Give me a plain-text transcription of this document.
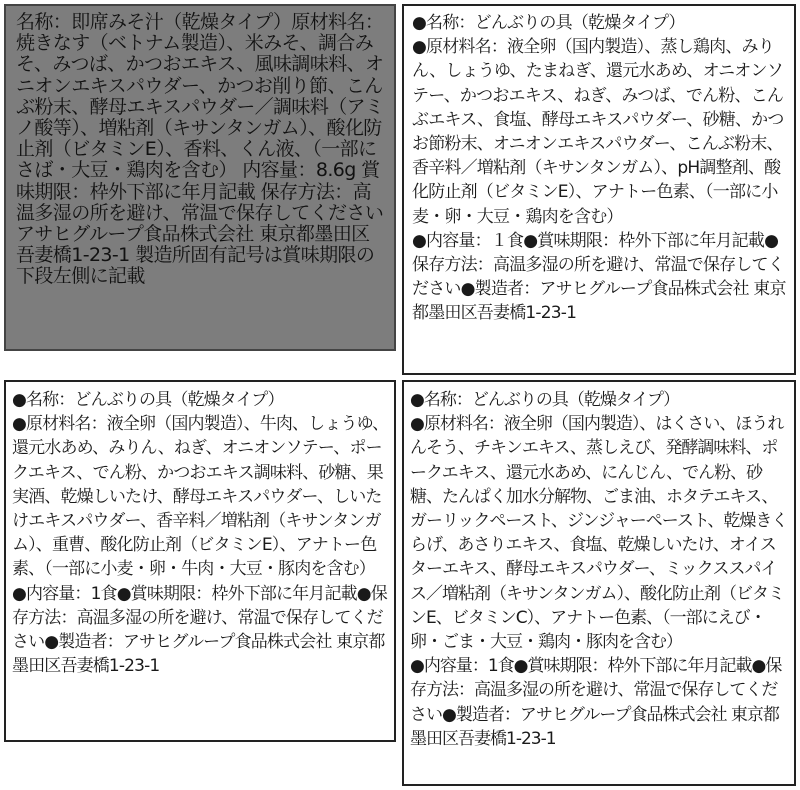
名称：即席みそ汁（乾燥タイプ）原材料名：焼きなす（ベトナム製造）、米みそ、調合みそ、みつば、かつおエキス、風味調味料、オニオンエキスパウダー、かつお削り節、こんぶ粉末、酵母エキスパウダー／調味料（アミノ酸等）、増粘剤（キサンタンガム）、酸化防止剤（ビタミンE）、香料、くん液、（一部にさば・大豆・鶏肉を含む） 内容量：8.6g 賞味期限：枠外下部に年月記載 保存方法：高温多湿の所を避け、常温で保存してください アサヒグループ食品株式会社 東京都墨田区吾妻橋1-23-1 製造所固有記号は賞味期限の下段左側に記載

●名称：どんぶりの具（乾燥タイプ）

●原材料名：液全卵（国内製造）、蒸し鶏肉、みりん、しょうゆ、たまねぎ、還元水あめ、オニオンソテー、かつおエキス、ねぎ、みつば、でん粉、こんぶエキス、食塩、酵母エキスパウダー、砂糖、かつお節粉末、オニオンエキスパウダー、こんぶ粉末、香辛料／増粘剤（キサンタンガム）、pH調整剤、酸化防止剤（ビタミンE）、アナトー色素、（一部に小麦・卵・大豆・鶏肉を含む）

●内容量：１食●賞味期限：枠外下部に年月記載●保存方法：高温多湿の所を避け、常温で保存してください●製造者：アサヒグループ食品株式会社 東京都墨田区吾妻橋1-23-1

●名称：どんぶりの具（乾燥タイプ）

●原材料名：液全卵（国内製造）、牛肉、しょうゆ、還元水あめ、みりん、ねぎ、オニオンソテー、ポークエキス、でん粉、かつおエキス調味料、砂糖、果実酒、乾燥しいたけ、酵母エキスパウダー、しいたけエキスパウダー、香辛料／増粘剤（キサンタンガム）、重曹、酸化防止剤（ビタミンE）、アナトー色素、（一部に小麦・卵・牛肉・大豆・豚肉を含む）

●内容量：1食●賞味期限：枠外下部に年月記載●保存方法：高温多湿の所を避け、常温で保存してください●製造者：アサヒグループ食品株式会社 東京都墨田区吾妻橋1-23-1

●名称：どんぶりの具（乾燥タイプ）

●原材料名：液全卵（国内製造）、はくさい、ほうれんそう、チキンエキス、蒸しえび、発酵調味料、ポークエキス、還元水あめ、にんじん、でん粉、砂糖、たんぱく加水分解物、ごま油、ホタテエキス、ガーリックペースト、ジンジャーペースト、乾燥きくらげ、あさりエキス、食塩、乾燥しいたけ、オイスターエキス、酵母エキスパウダー、ミックススパイス／増粘剤（キサンタンガム）、酸化防止剤（ビタミンE、ビタミンC）、アナトー色素、（一部にえび・卵・ごま・大豆・鶏肉・豚肉を含む）

●内容量：1食●賞味期限：枠外下部に年月記載●保存方法：高温多湿の所を避け、常温で保存してください●製造者：アサヒグループ食品株式会社 東京都墨田区吾妻橋1-23-1
